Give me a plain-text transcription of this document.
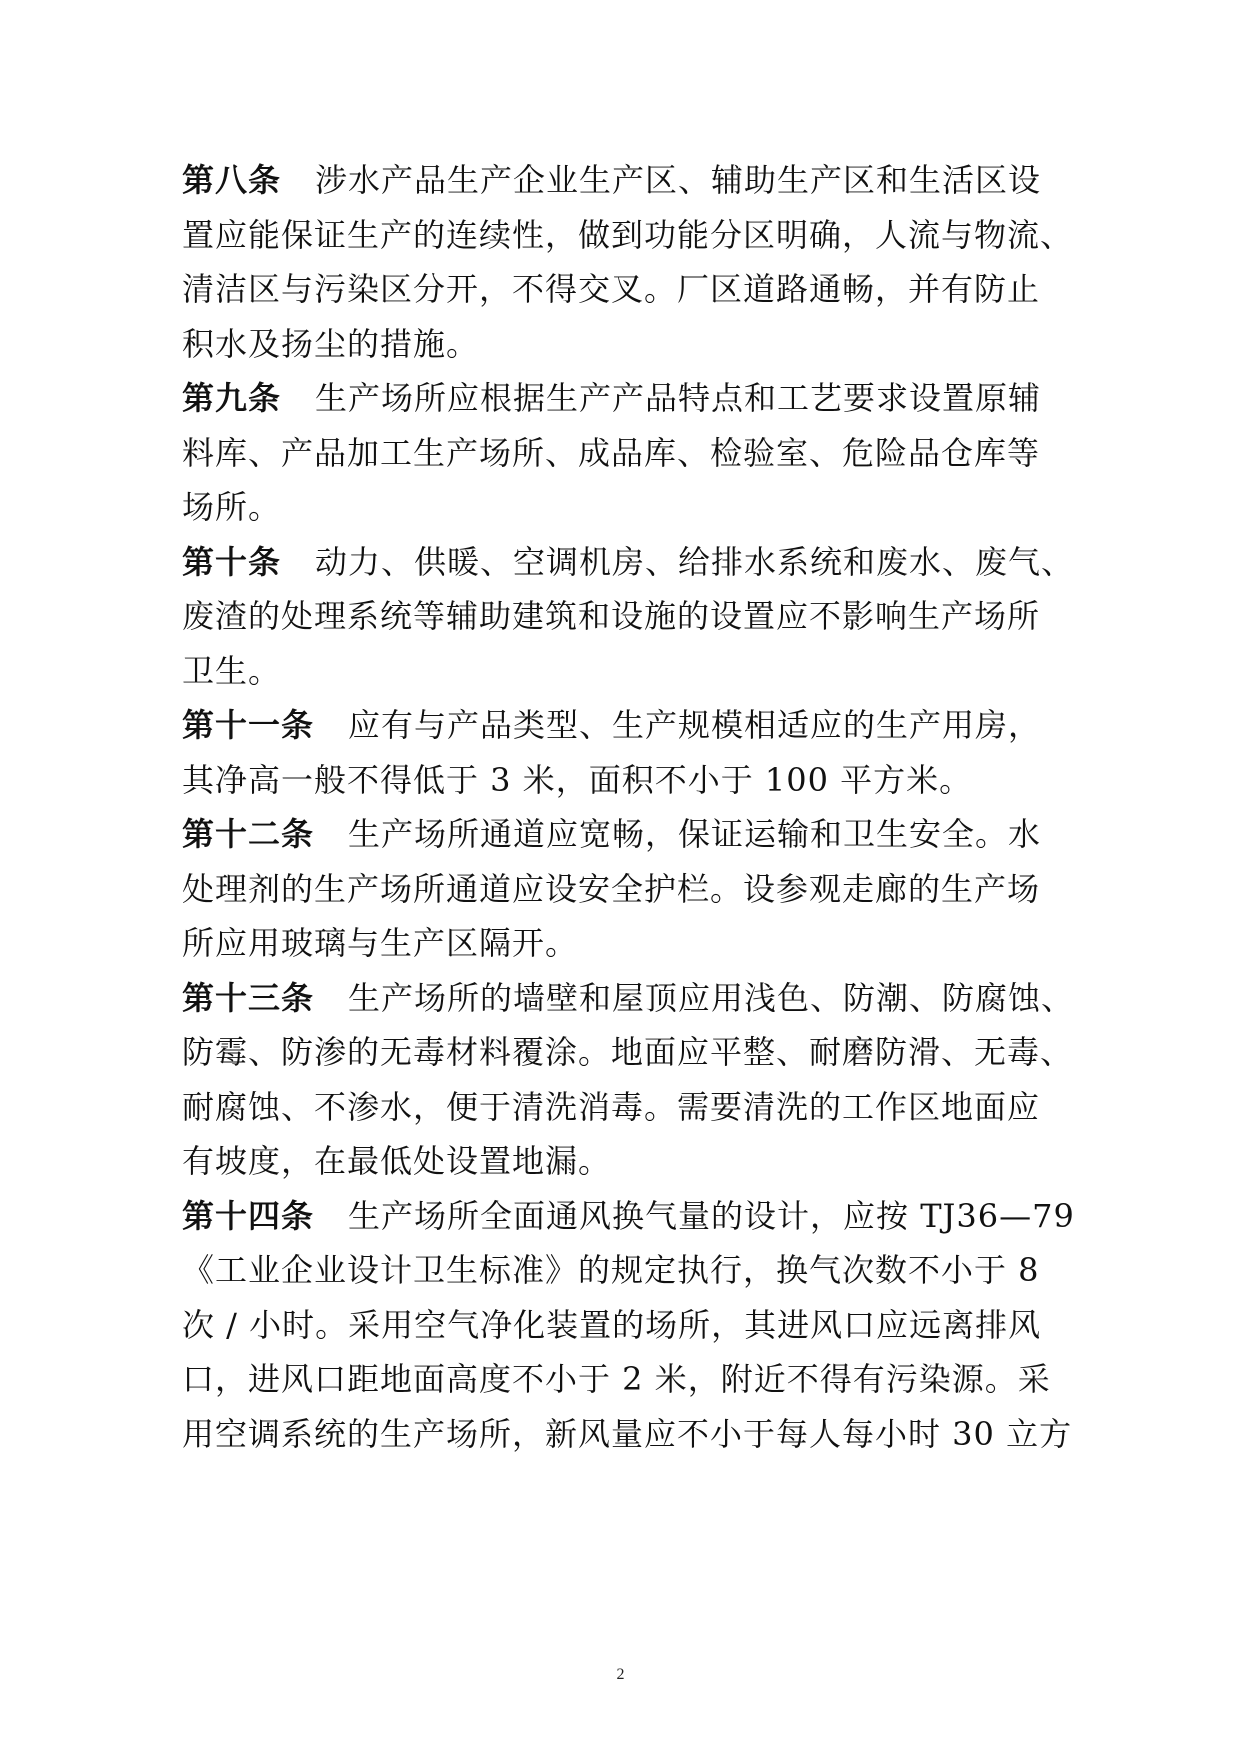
第八条 涉水产品生产企业生产区、辅助生产区和生活区设
置应能保证生产的连续性，做到功能分区明确，人流与物流、
清洁区与污染区分开，不得交叉。厂区道路通畅，并有防止
积水及扬尘的措施。
第九条 生产场所应根据生产产品特点和工艺要求设置原辅
料库、产品加工生产场所、成品库、检验室、危险品仓库等
场所。
第十条 动力、供暖、空调机房、给排水系统和废水、废气、
废渣的处理系统等辅助建筑和设施的设置应不影响生产场所
卫生。
第十一条 应有与产品类型、生产规模相适应的生产用房，
其净高一般不得低于 3 米，面积不小于 100 平方米。
第十二条 生产场所通道应宽畅，保证运输和卫生安全。水
处理剂的生产场所通道应设安全护栏。设参观走廊的生产场
所应用玻璃与生产区隔开。
第十三条 生产场所的墙壁和屋顶应用浅色、防潮、防腐蚀、
防霉、防渗的无毒材料覆涂。地面应平整、耐磨防滑、无毒、
耐腐蚀、不渗水，便于清洗消毒。需要清洗的工作区地面应
有坡度，在最低处设置地漏。
第十四条 生产场所全面通风换气量的设计，应按 TJ36—79
《工业企业设计卫生标准》的规定执行，换气次数不小于 8
次 / 小时。采用空气净化装置的场所，其进风口应远离排风
口，进风口距地面高度不小于 2 米，附近不得有污染源。采
用空调系统的生产场所，新风量应不小于每人每小时 30 立方
2
